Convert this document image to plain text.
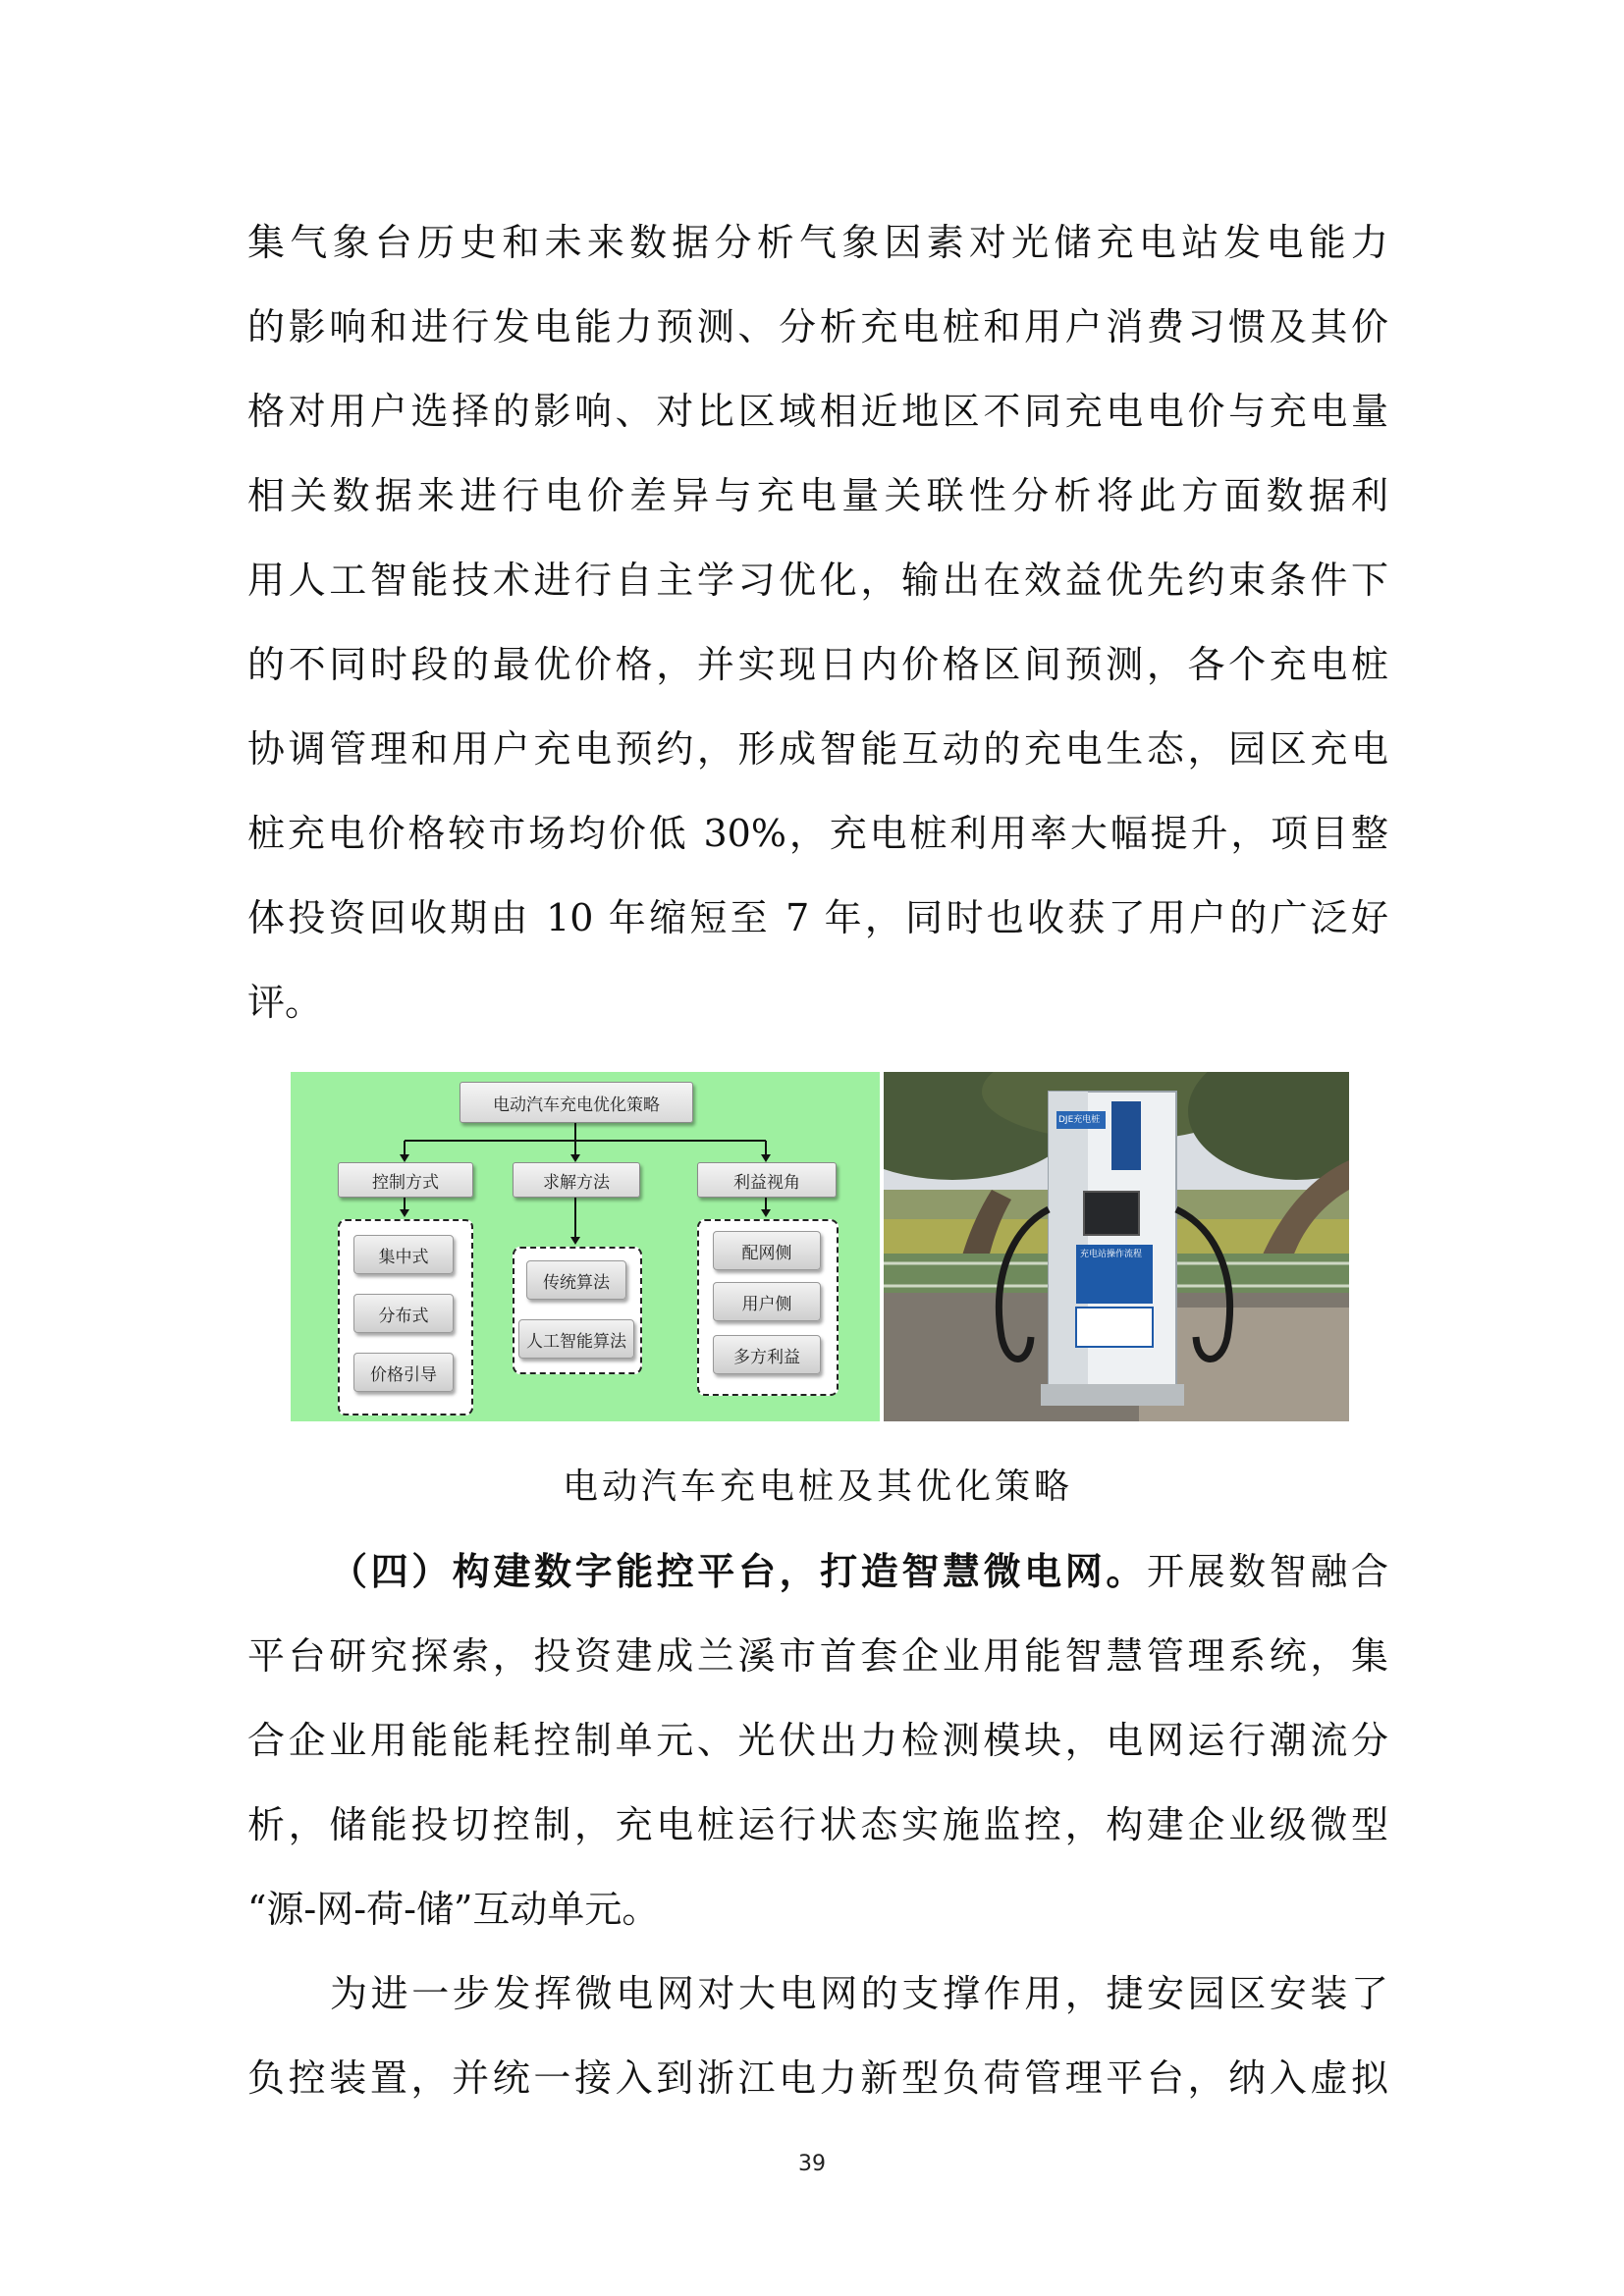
集气象台历史和未来数据分析气象因素对光储充电站发电能力
的影响和进行发电能力预测、分析充电桩和用户消费习惯及其价
格对用户选择的影响、对比区域相近地区不同充电电价与充电量
相关数据来进行电价差异与充电量关联性分析将此方面数据利
用人工智能技术进行自主学习优化，输出在效益优先约束条件下
的不同时段的最优价格，并实现日内价格区间预测，各个充电桩
协调管理和用户充电预约，形成智能互动的充电生态，园区充电
桩充电价格较市场均价低 30%，充电桩利用率大幅提升，项目整
体投资回收期由 10 年缩短至 7 年，同时也收获了用户的广泛好
评。
电动汽车充电优化策略
控制方式	求解方法	利益视角
集中式
分布式
价格引导
传统算法
人工智能算法
配网侧
用户侧
多方利益
DJE充电桩
充电站操作流程
电动汽车充电桩及其优化策略
（四）构建数字能控平台，打造智慧微电网。开展数智融合
平台研究探索，投资建成兰溪市首套企业用能智慧管理系统，集
合企业用能能耗控制单元、光伏出力检测模块，电网运行潮流分
析，储能投切控制，充电桩运行状态实施监控，构建企业级微型
“源-网-荷-储”互动单元。
为进一步发挥微电网对大电网的支撑作用，捷安园区安装了
负控装置，并统一接入到浙江电力新型负荷管理平台，纳入虚拟
39
